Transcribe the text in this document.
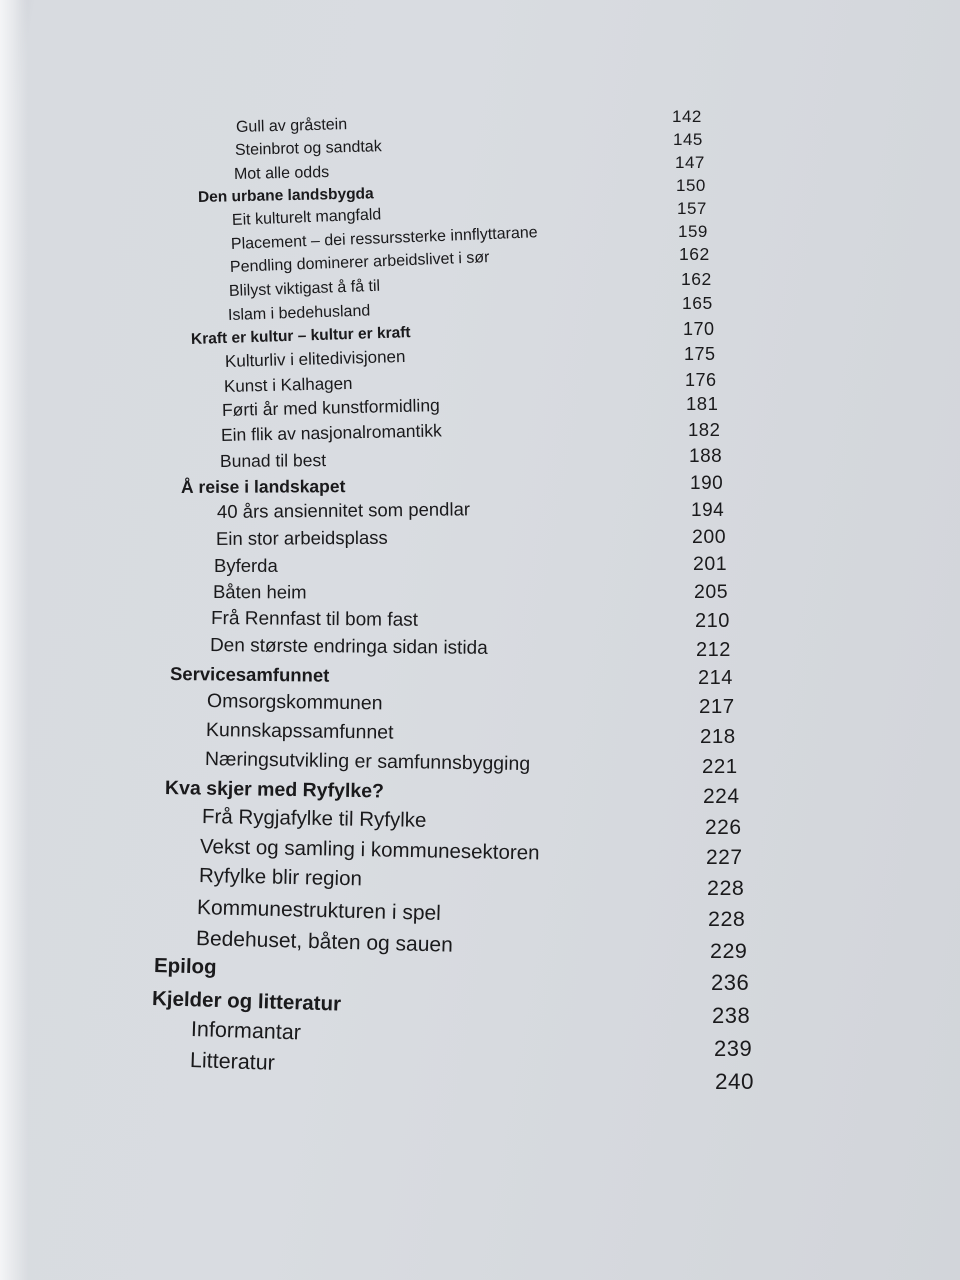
Gull av gråstein
Steinbrot og sandtak
Mot alle odds
Den urbane landsbygda
Eit kulturelt mangfald
Placement – dei ressurssterke innflyttarane
Pendling dominerer arbeidslivet i sør
Blilyst viktigast å få til
Islam i bedehusland
Kraft er kultur – kultur er kraft
Kulturliv i elitedivisjonen
Kunst i Kalhagen
Førti år med kunstformidling
Ein flik av nasjonalromantikk
Bunad til best
Å reise i landskapet
40 års ansiennitet som pendlar
Ein stor arbeidsplass
Byferda
Båten heim
Frå Rennfast til bom fast
Den største endringa sidan istida
Servicesamfunnet
Omsorgskommunen
Kunnskapssamfunnet
Næringsutvikling er samfunnsbygging
Kva skjer med Ryfylke?
Frå Rygjafylke til Ryfylke
Vekst og samling i kommunesektoren
Ryfylke blir region
Kommunestrukturen i spel
Bedehuset, båten og sauen
Epilog
Kjelder og litteratur
Informantar
Litteratur
142
145
147
150
157
159
162
162
165
170
175
176
181
182
188
190
194
200
201
205
210
212
214
217
218
221
224
226
227
228
228
229
236
238
239
240
